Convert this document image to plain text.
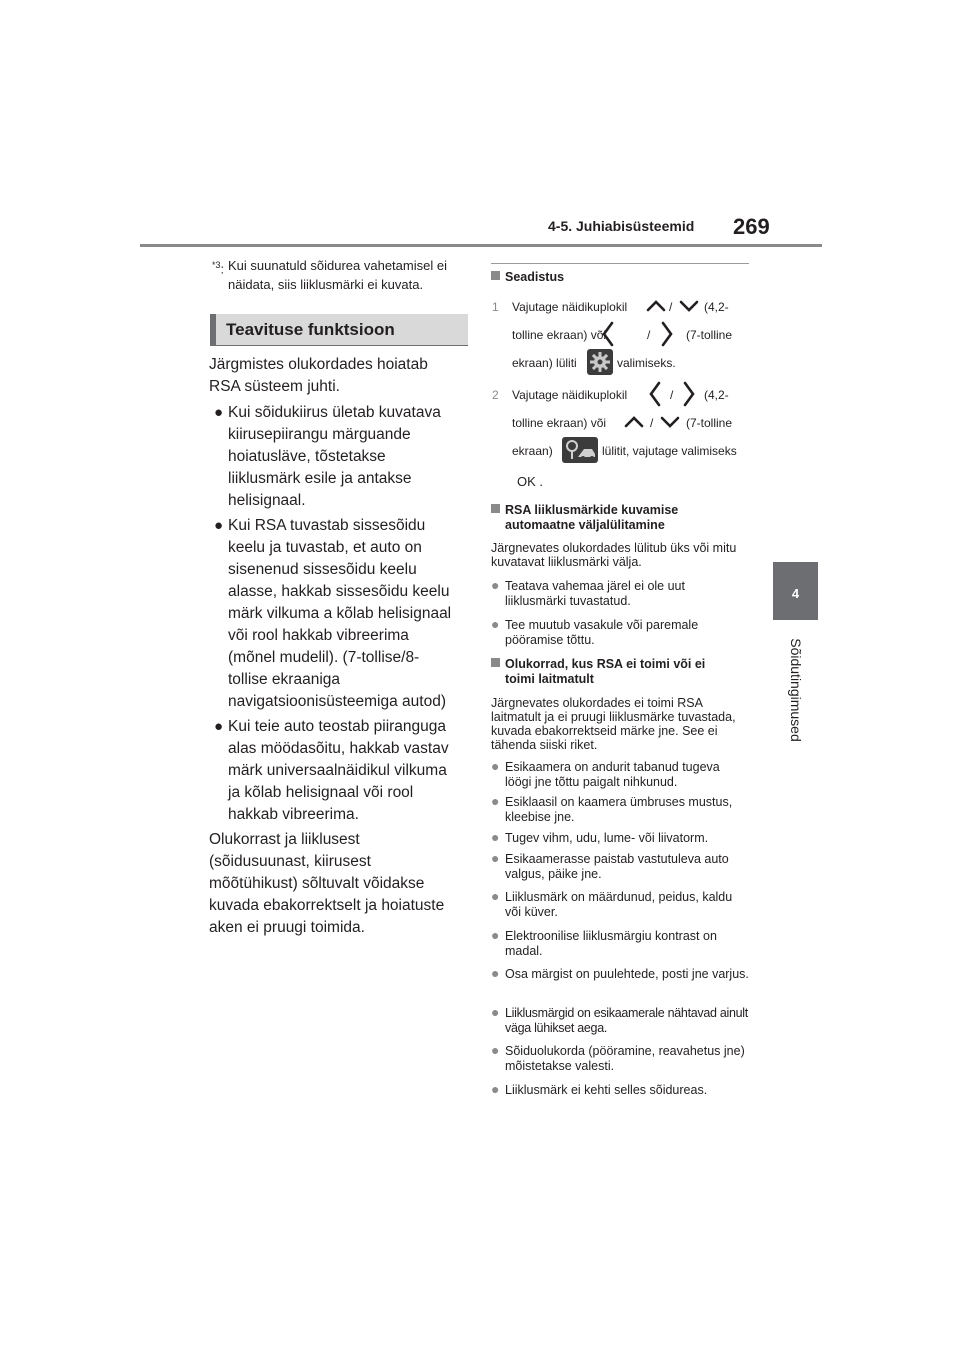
4-5. Juhiabisüsteemid 269
4
Sõidutingimused
$^{*3}$: Kui suunatuld sõidurea vahetamisel ei näidata, siis liiklusmärki ei kuvata.
Teavituse funktsioon
Järgmistes olukordades hoiatab
RSA süsteem juhti.
● Kui sõidukiirus ületab kuvatava
kiirusepiirangu märguande
hoiatusläve, tõstetakse
liiklusmärk esile ja antakse
helisignaal.
● Kui RSA tuvastab sissesõidu
keelu ja tuvastab, et auto on
sisenenud sissesõidu keelu
alasse, hakkab sissesõidu keelu
märk vilkuma a kõlab helisignaal
või rool hakkab vibreerima
(mõnel mudelil). (7-tollise/8-
tollise ekraaniga
navigatsioonisüsteemiga autod)
● Kui teie auto teostab piiranguga
alas möödasõitu, hakkab vastav
märk universaalnäidikul vilkuma
ja kõlab helisignaal või rool
hakkab vibreerima.
Olukorrast ja liiklusest
(sõidusuunast, kiirusest
mõõtühikust) sõltuvalt võidakse
kuvada ebakorrektselt ja hoiatuste
aken ei pruugi toimida.
Seadistus
1 Vajutage näidikuplokil	/	(4,2-
tolline ekraan) või	/	(7-tolline
ekraan) lüliti	valimiseks.
2 Vajutage näidikuplokil	/	(4,2-
tolline ekraan) või	/	(7-tolline
ekraan)	lülitit, vajutage valimiseks
OK .
RSA liiklusmärkide kuvamise
automaatne väljalülitamine
Järgnevates olukordades lülitub üks või mitu kuvatavat liiklusmärki välja.
● Teatava vahemaa järel ei ole uut liiklusmärki tuvastatud.
● Tee muutub vasakule või paremale pööramise tõttu.
Olukorrad, kus RSA ei toimi või ei
toimi laitmatult
Järgnevates olukordades ei toimi RSA laitmatult ja ei pruugi liiklusmärke tuvastada, kuvada ebakorrektseid märke jne. See ei tähenda siiski riket.
● Esikaamera on andurit tabanud tugeva löögi jne tõttu paigalt nihkunud.
● Esiklaasil on kaamera ümbruses mustus, kleebise jne.
● Tugev vihm, udu, lume- või liivatorm.
● Esikaamerasse paistab vastutuleva auto valgus, päike jne.
● Liiklusmärk on määrdunud, peidus, kaldu või küver.
● Elektroonilise liiklusmärgiu kontrast on madal.
● Osa märgist on puulehtede, posti jne varjus.
● Liiklusmärgid on esikaamerale nähtavad ainult väga lühikset aega.
● Sõiduolukorda (pööramine, reavahetus jne) mõistetakse valesti.
● Liiklusmärk ei kehti selles sõidureas.
